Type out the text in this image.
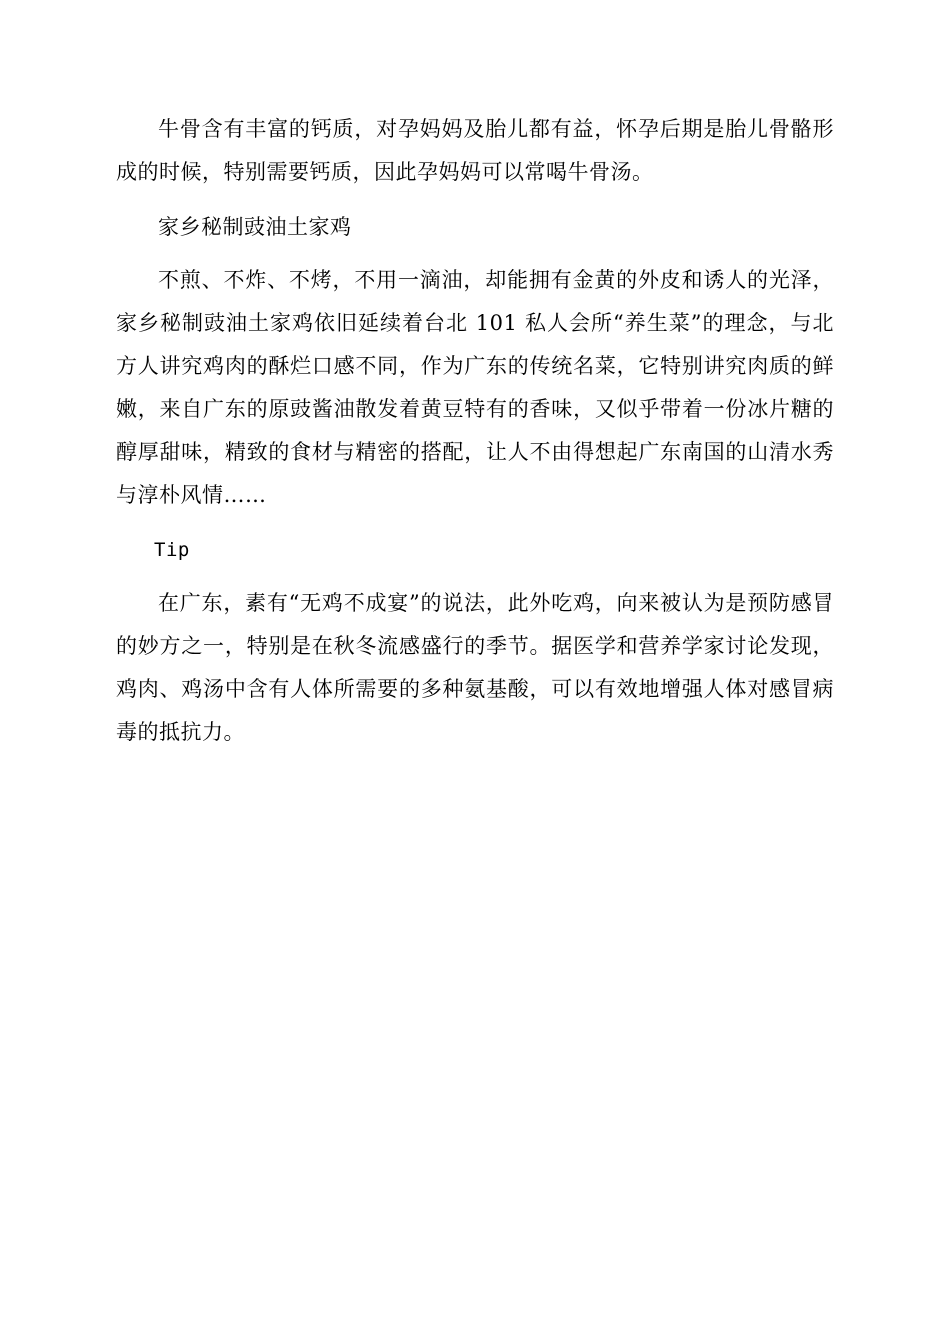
牛骨含有丰富的钙质，对孕妈妈及胎儿都有益，怀孕后期是胎儿骨骼形成的时候，特别需要钙质，因此孕妈妈可以常喝牛骨汤。

家乡秘制豉油土家鸡

不煎、不炸、不烤，不用一滴油，却能拥有金黄的外皮和诱人的光泽，家乡秘制豉油土家鸡依旧延续着台北 101 私人会所“养生菜”的理念，与北方人讲究鸡肉的酥烂口感不同，作为广东的传统名菜，它特别讲究肉质的鲜嫩，来自广东的原豉酱油散发着黄豆特有的香味，又似乎带着一份冰片糖的醇厚甜味，精致的食材与精密的搭配，让人不由得想起广东南国的山清水秀与淳朴风情……

Tip

在广东，素有“无鸡不成宴”的说法，此外吃鸡，向来被认为是预防感冒的妙方之一，特别是在秋冬流感盛行的季节。据医学和营养学家讨论发现，鸡肉、鸡汤中含有人体所需要的多种氨基酸，可以有效地增强人体对感冒病毒的抵抗力。
